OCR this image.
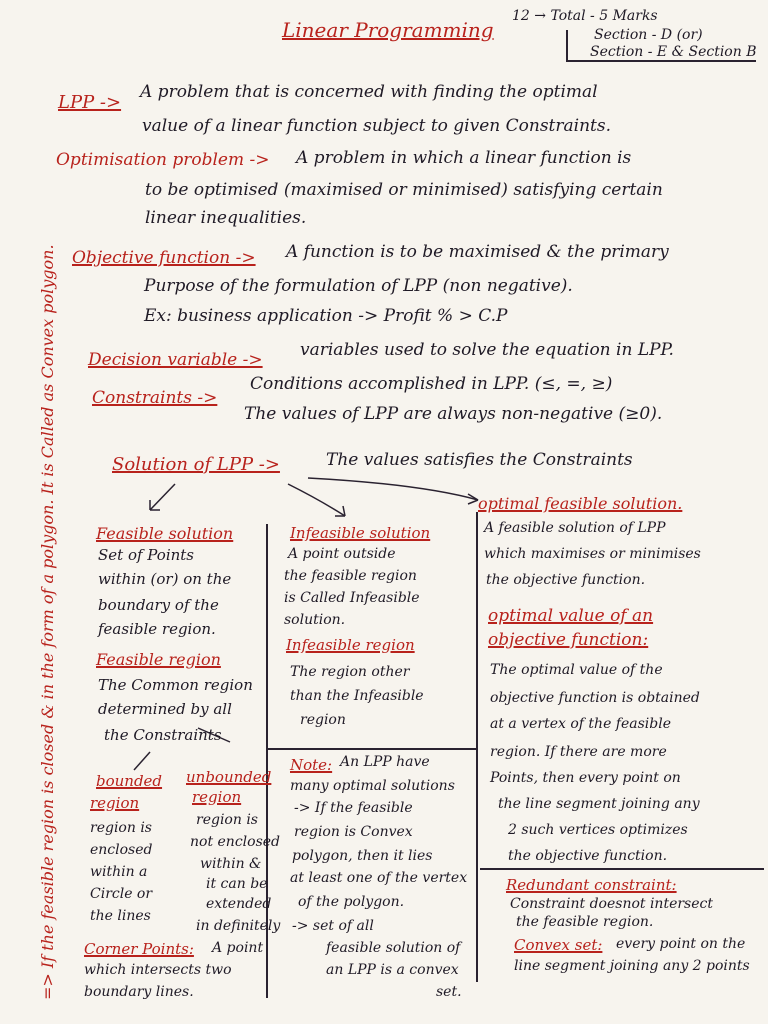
Linear Programming
12 → Total - 5 Marks
Section - D (or)
Section - E & Section B
LPP -> A problem that is concerned with finding the optimal
value of a linear function subject to given Constraints.
Optimisation problem -> A problem in which a linear function is
to be optimised (maximised or minimised) satisfying certain
linear inequalities.
Objective function -> A function is to be maximised & the primary
Purpose of the formulation of LPP (non negative).
Ex: business application -> Profit % > C.P
Decision variable -> variables used to solve the equation in LPP.
Constraints ->
Conditions accomplished in LPP. (≤, =, ≥)
The values of LPP are always non-negative (≥0).
Solution of LPP ->	The values satisfies the Constraints
Feasible solution
Set of Points
within (or) on the
boundary of the
feasible region.
Feasible region
The Common region
determined by all
the Constraints
bounded
region
region is
enclosed
within a
Circle or
the lines
unbounded
region
region is
not enclosed
within &
it can be
extended
in definitely
Corner Points: A point
which intersects two
boundary lines.
Infeasible solution
A point outside
the feasible region
is Called Infeasible
solution.
Infeasible region
The region other
than the Infeasible
region
Note: An LPP have
many optimal solutions
-> If the feasible
region is Convex
polygon, then it lies
at least one of the vertex
of the polygon.
-> set of all
feasible solution of
an LPP is a convex
set.
optimal feasible solution.
A feasible solution of LPP
which maximises or minimises
the objective function.
optimal value of an
objective function:
The optimal value of the
objective function is obtained
at a vertex of the feasible
region. If there are more
Points, then every point on
the line segment joining any
2 such vertices optimizes
the objective function.
Redundant constraint:
Constraint doesnot intersect
the feasible region.
Convex set: every point on the
line segment joining any 2 points
=> If the feasible region is closed & in the form of a polygon. It is Called as Convex polygon.
